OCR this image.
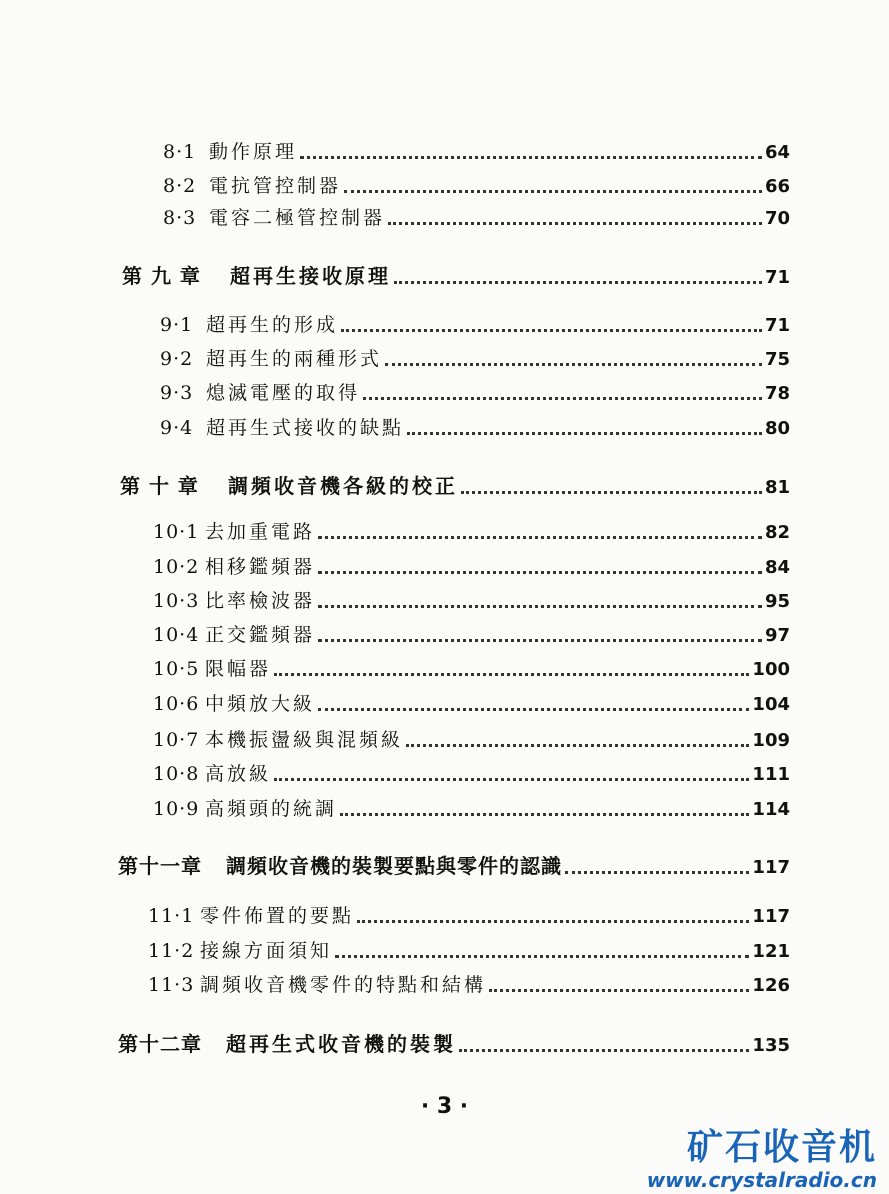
8·1 動作原理	64
8·2 電抗管控制器	66
8·3 電容二極管控制器	70
第 九 章	超再生接收原理	71
9·1 超再生的形成	71
9·2 超再生的兩種形式	75
9·3 熄滅電壓的取得	78
9·4 超再生式接收的缺點	80
第 十 章	調頻收音機各級的校正	81
10·1 去加重電路	82
10·2 相移鑑頻器	84
10·3 比率檢波器	95
10·4 正交鑑頻器	97
10·5 限幅器	100
10·6 中頻放大級	104
10·7 本機振盪級與混頻級	109
10·8 高放級	111
10·9 高頻頭的統調	114
第十一章	調頻收音機的裝製要點與零件的認識	117
11·1 零件佈置的要點	117
11·2 接線方面須知	121
11·3 調頻收音機零件的特點和結構	126
第十二章	超再生式收音機的裝製	135
· 3 ·
矿石收音机
www.crystalradio.cn
